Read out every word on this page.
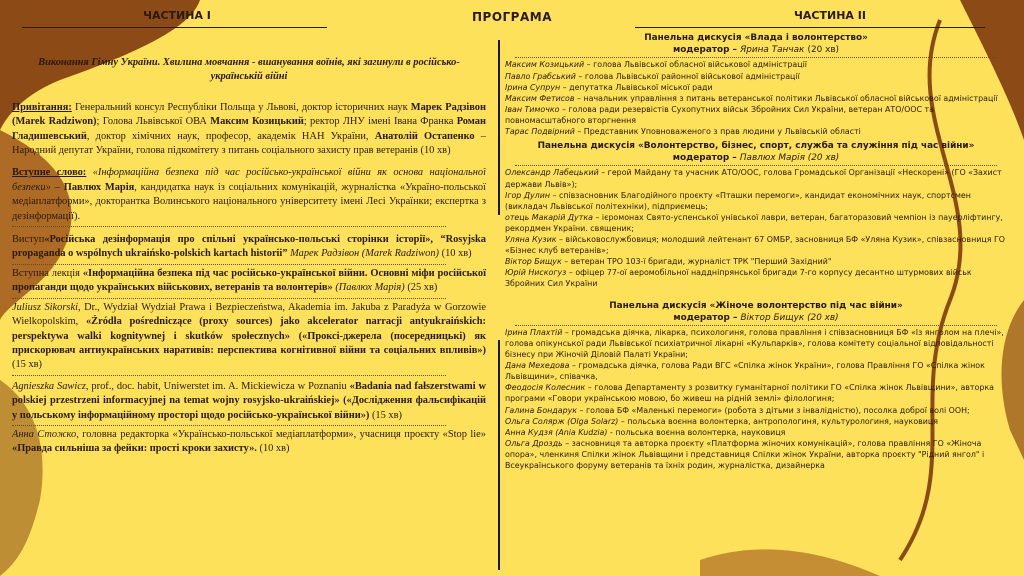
ПРОГРАМА
ЧАСТИНА I

Виконання Гімну України. Хвилина мовчання - вшанування воїнів, які загинули в російсько-українській війні

Привітання: Генеральний консул Республіки Польща у Львові, доктор історичних наук Марек Радзівон (Marek Radziwon); Голова Львівської ОВА Максим Козицький; ректор ЛНУ імені Івана Франка Роман Гладишевський, доктор хімічних наук, професор, академік НАН України, Анатолій Остапенко – Народний депутат України, голова підкомітету з питань соціального захисту прав ветеранів (10 хв)

Вступне слово: «Інформаційна безпека під час російсько-української війни як основа національної безпеки» – Павлюх Марія, кандидатка наук із соціальних комунікацій, журналістка «Україно-польської медіаплатформи», докторантка Волинського національного університету імені Лесі Українки; експертка з дезінформації).

Виступ«Російська дезінформація про спільні українсько-польські сторінки історії», “Rosyjska propaganda o wspólnych ukraińsko-polskich kartach historii” Марек Радзівон (Marek Radziwon) (10 хв)

Вступна лекція «Інформаційна безпека під час російсько-української війни. Основні міфи російської пропаганди щодо українських військових, ветеранів та волонтерів» (Павлюх Марія) (25 хв)

Juliusz Sikorski, Dr., Wydział Wydział Prawa i Bezpieczeństwa, Akademia im. Jakuba z Paradyża w Gorzowie Wielkopolskim, «Źródła pośredniczące (proxy sources) jako akcelerator narracji antyukraińskich: perspektywa walki kognitywnej i skutków społecznych» («Проксі-джерела (посередницькі) як прискорювач антиукраїнських наративів: перспектива когнітивної війни та соціальних впливів») (15 хв)

Agnieszka Sawicz, prof., doc. habit, Uniwerstet im. A. Mickiewicza w Poznaniu «Badania nad fałszerstwami w polskiej przestrzeni informacyjnej na temat wojny rosyjsko-ukraińskiej» («Дослідження фальсифікацій у польському інформаційному просторі щодо російсько-української війни») (15 хв)

Анна Стожко, головна редакторка «Українсько-польської медіаплатформи», учасниця проєкту «Stop lie» «Правда сильніша за фейки: прості кроки захисту». (10 хв)

ЧАСТИНА II

Панельна дискусія «Влада і волонтерство»

модератор – Ярина Танчак (20 хв)

Максим Козицький – голова Львівської обласної військової адміністрації

Павло Грабський – голова Львівської районної військової адміністрації

Ірина Супрун – депутатка Львівської міської ради

Максим Фетисов – начальник управління з питань ветеранської політики Львівської обласної військової адміністрації

Іван Тимочко – голова ради резервістів Сухопутних військ Збройних Сил України, ветеран АТО/ООС та повномасштабного вторгнення

Тарас Подвірний – Представник Уповноваженого з прав людини у Львівській області

Панельна дискусія «Волонтерство, бізнес, спорт, служба та служіння під час війни»

модератор – Павлюх Марія (20 хв)

Олександр Лабецький – герой Майдану та учасник АТО/ООС, голова Громадської Організації «Нескорені» (ГО «Захист держави Львів»);

Ігор Дулин – співзасновник Благодійного проєкту «Пташки перемоги», кандидат економічних наук, спортсмен (викладач Львівської політехніки), підприємець;

отець Макарій Дутка – ієромонах Свято-успенської унівської лаври, ветеран, багаторазовий чемпіон із пауерліфтингу, рекордмен України. священик;

Уляна Кузик – військовослужбовиця; молодший лейтенант 67 ОМБР, засновниця БФ «Уляна Кузик», співзасновниця ГО «Бізнес клуб ветеранів»;

Віктор Бищук – ветеран ТРО 103-ї бригади, журналіст ТРК "Перший Західний"

Юрій Нискогуз – офіцер 77-ої аеромобільної надднiпрянської бригади 7-го корпусу десантно штурмових військ Збройних Сил України

Панельна дискусія «Жіноче волонтерство під час війни»

модератор – Віктор Бищук (20 хв)

Ірина Плахтій – громадська діячка, лікарка, психологиня, голова правління і співзасновниця БФ «Із янголом на плечі», голова опікунської ради Львівської психіатричної лікарні «Кульпарків», голова комітету соціальної відповідальності бізнесу при Жіночій Діловій Палаті України;

Дана Мехедова – громадська діячка, голова Ради ВГС «Спілка жінок України», голова Правління ГО «Спілка жінок Львівщини», співачка,

Феодосія Колесник – голова Департаменту з розвитку гуманітарної політики ГО «Спілка жінок Львівщини», авторка програми «Говори українською мовою, бо живеш на рідній землі» філологиня;

Галина Бондарук – голова БФ «Маленькі перемоги» (робота з дітьми з інвалідністю), посолка доброї волі ООН;

Ольга Солярж (Olga Solarz) – польська воєнна волонтерка, антропологиня, культурологиня, науковиця

Анна Кудзя (Ania Kudzia) - польська воєнна волонтерка, науковиця

Ольга Дроздь – засновниця та авторка проєкту «Платформа жіночих комунікацій», голова правління ГО «Жіноча опора», членкиня Спілки жінок Львівщини і представниця Спілки жінок України, авторка проєкту "Рідний янгол" і Всеукраїнського форуму ветеранів та їхніх родин, журналістка, дизайнерка
